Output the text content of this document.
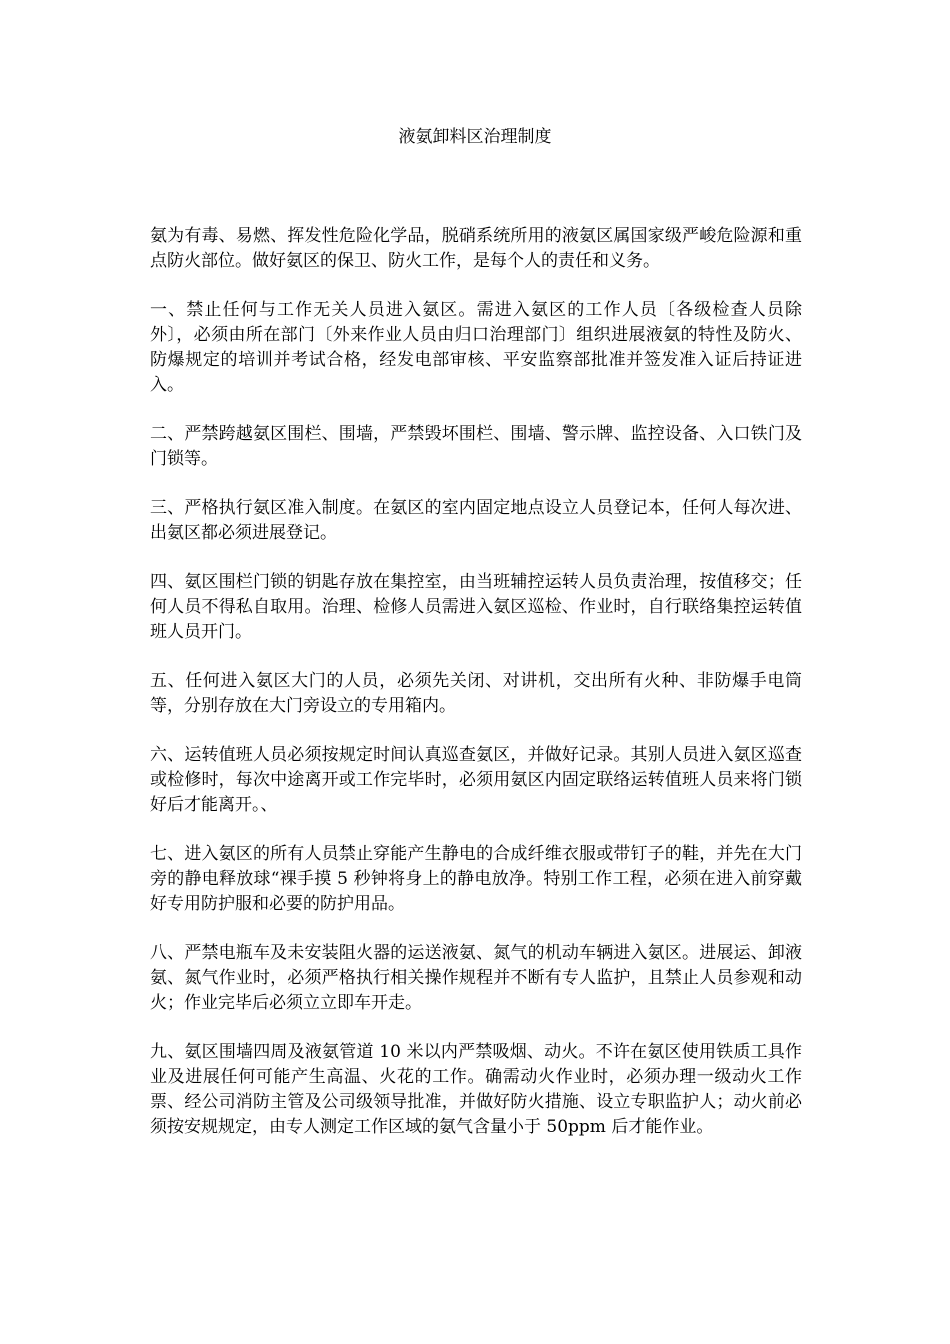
液氨卸料区治理制度

氨为有毒、易燃、挥发性危险化学品，脱硝系统所用的液氨区属国家级严峻危险源和重点防火部位。做好氨区的保卫、防火工作，是每个人的责任和义务。

一、禁止任何与工作无关人员进入氨区。需进入氨区的工作人员〔各级检查人员除外〕，必须由所在部门〔外来作业人员由归口治理部门〕组织进展液氨的特性及防火、防爆规定的培训并考试合格，经发电部审核、平安监察部批准并签发准入证后持证进入。

二、严禁跨越氨区围栏、围墙，严禁毁坏围栏、围墙、警示牌、监控设备、入口铁门及门锁等。

三、严格执行氨区准入制度。在氨区的室内固定地点设立人员登记本，任何人每次进、出氨区都必须进展登记。

四、氨区围栏门锁的钥匙存放在集控室，由当班辅控运转人员负责治理，按值移交；任何人员不得私自取用。治理、检修人员需进入氨区巡检、作业时，自行联络集控运转值班人员开门。

五、任何进入氨区大门的人员，必须先关闭、对讲机，交出所有火种、非防爆手电筒等，分别存放在大门旁设立的专用箱内。

六、运转值班人员必须按规定时间认真巡查氨区，并做好记录。其别人员进入氨区巡查或检修时，每次中途离开或工作完毕时，必须用氨区内固定联络运转值班人员来将门锁好后才能离开。、

七、进入氨区的所有人员禁止穿能产生静电的合成纤维衣服或带钉子的鞋，并先在大门旁的静电释放球“裸手摸 5 秒钟将身上的静电放净。特别工作工程，必须在进入前穿戴好专用防护服和必要的防护用品。

八、严禁电瓶车及未安装阻火器的运送液氨、氮气的机动车辆进入氨区。进展运、卸液氨、氮气作业时，必须严格执行相关操作规程并不断有专人监护，且禁止人员参观和动火；作业完毕后必须立立即车开走。

九、氨区围墙四周及液氨管道 10 米以内严禁吸烟、动火。不许在氨区使用铁质工具作业及进展任何可能产生高温、火花的工作。确需动火作业时，必须办理一级动火工作票、经公司消防主管及公司级领导批准，并做好防火措施、设立专职监护人；动火前必须按安规规定，由专人测定工作区域的氨气含量小于 50ppm 后才能作业。
